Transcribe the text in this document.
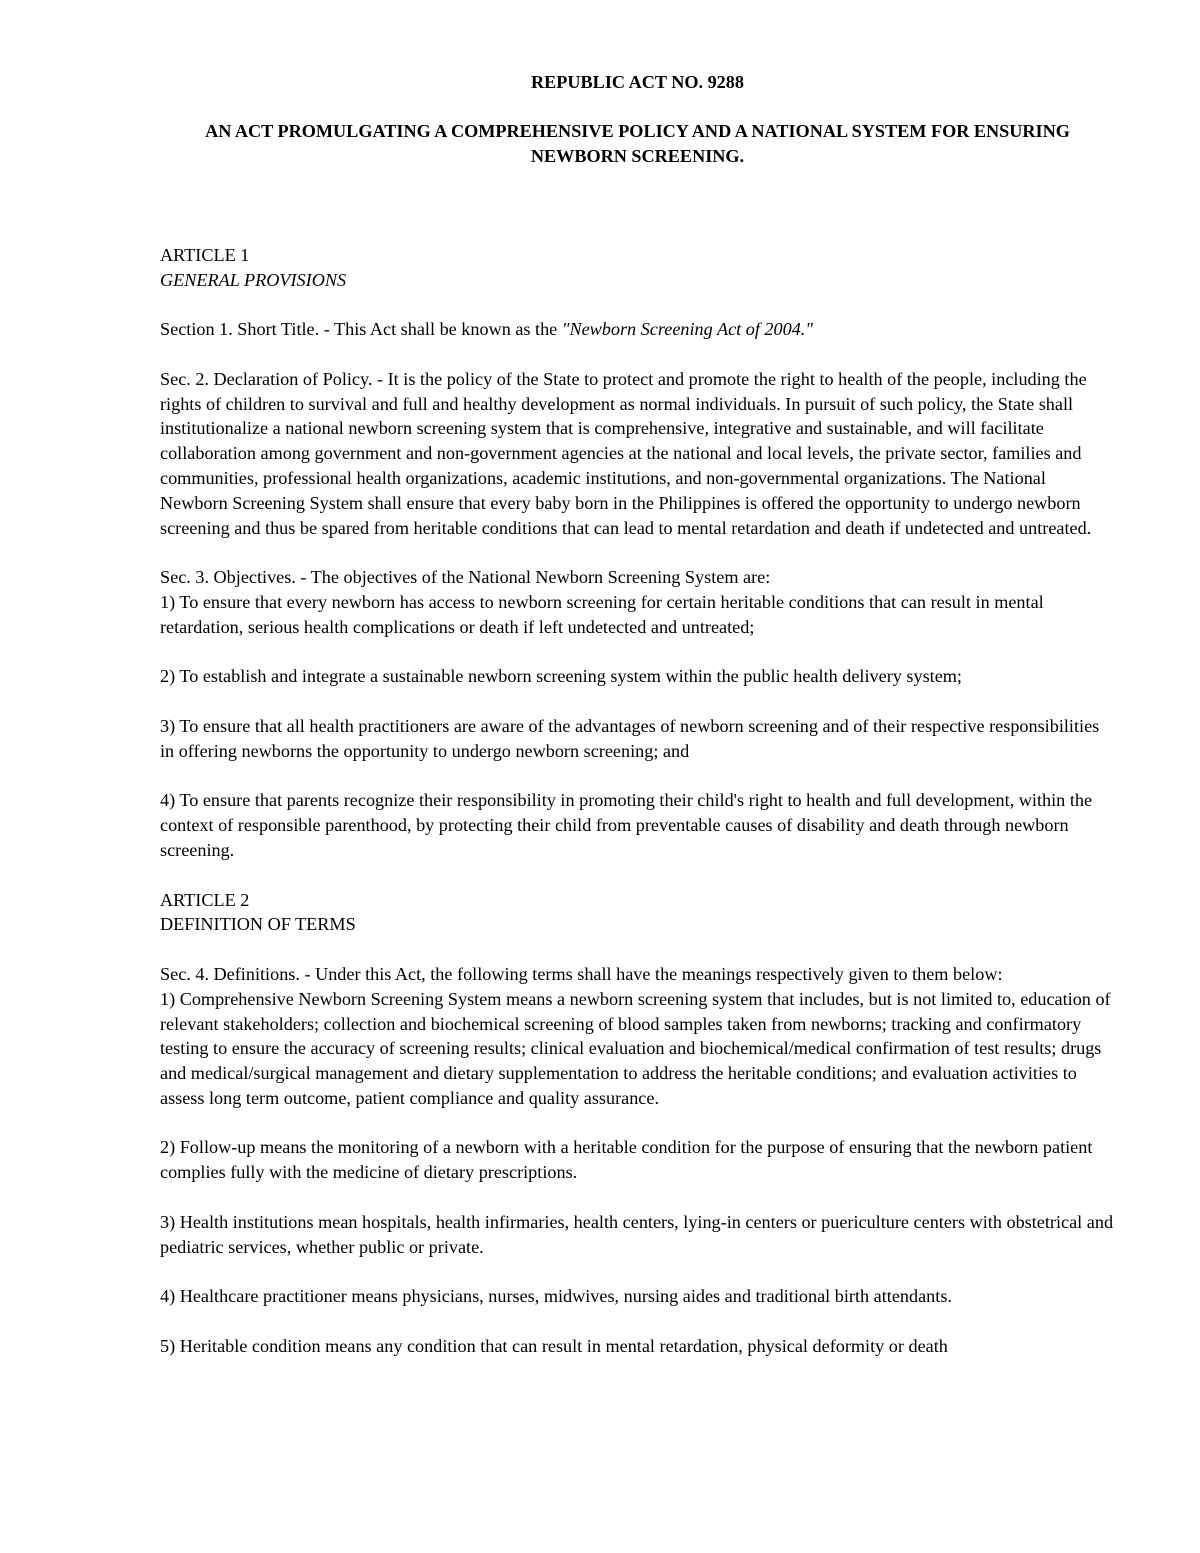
REPUBLIC ACT NO. 9288
AN ACT PROMULGATING A COMPREHENSIVE POLICY AND A NATIONAL SYSTEM FOR ENSURING NEWBORN SCREENING.
ARTICLE 1
GENERAL PROVISIONS

Section 1. Short Title. - This Act shall be known as the "Newborn Screening Act of 2004."

Sec. 2. Declaration of Policy. - It is the policy of the State to protect and promote the right to health of the people, including the rights of children to survival and full and healthy development as normal individuals. In pursuit of such policy, the State shall institutionalize a national newborn screening system that is comprehensive, integrative and sustainable, and will facilitate collaboration among government and non-government agencies at the national and local levels, the private sector, families and communities, professional health organizations, academic institutions, and non-governmental organizations. The National Newborn Screening System shall ensure that every baby born in the Philippines is offered the opportunity to undergo newborn screening and thus be spared from heritable conditions that can lead to mental retardation and death if undetected and untreated.

Sec. 3. Objectives. - The objectives of the National Newborn Screening System are:
1) To ensure that every newborn has access to newborn screening for certain heritable conditions that can result in mental retardation, serious health complications or death if left undetected and untreated;
2) To establish and integrate a sustainable newborn screening system within the public health delivery system;
3) To ensure that all health practitioners are aware of the advantages of newborn screening and of their respective responsibilities in offering newborns the opportunity to undergo newborn screening; and
4) To ensure that parents recognize their responsibility in promoting their child's right to health and full development, within the context of responsible parenthood, by protecting their child from preventable causes of disability and death through newborn screening.
ARTICLE 2
DEFINITION OF TERMS
Sec. 4. Definitions. - Under this Act, the following terms shall have the meanings respectively given to them below:
1) Comprehensive Newborn Screening System means a newborn screening system that includes, but is not limited to, education of relevant stakeholders; collection and biochemical screening of blood samples taken from newborns; tracking and confirmatory testing to ensure the accuracy of screening results; clinical evaluation and biochemical/medical confirmation of test results; drugs and medical/surgical management and dietary supplementation to address the heritable conditions; and evaluation activities to assess long term outcome, patient compliance and quality assurance.
2) Follow-up means the monitoring of a newborn with a heritable condition for the purpose of ensuring that the newborn patient complies fully with the medicine of dietary prescriptions.
3) Health institutions mean hospitals, health infirmaries, health centers, lying-in centers or puericulture centers with obstetrical and pediatric services, whether public or private.
4) Healthcare practitioner means physicians, nurses, midwives, nursing aides and traditional birth attendants.
5) Heritable condition means any condition that can result in mental retardation, physical deformity or death
